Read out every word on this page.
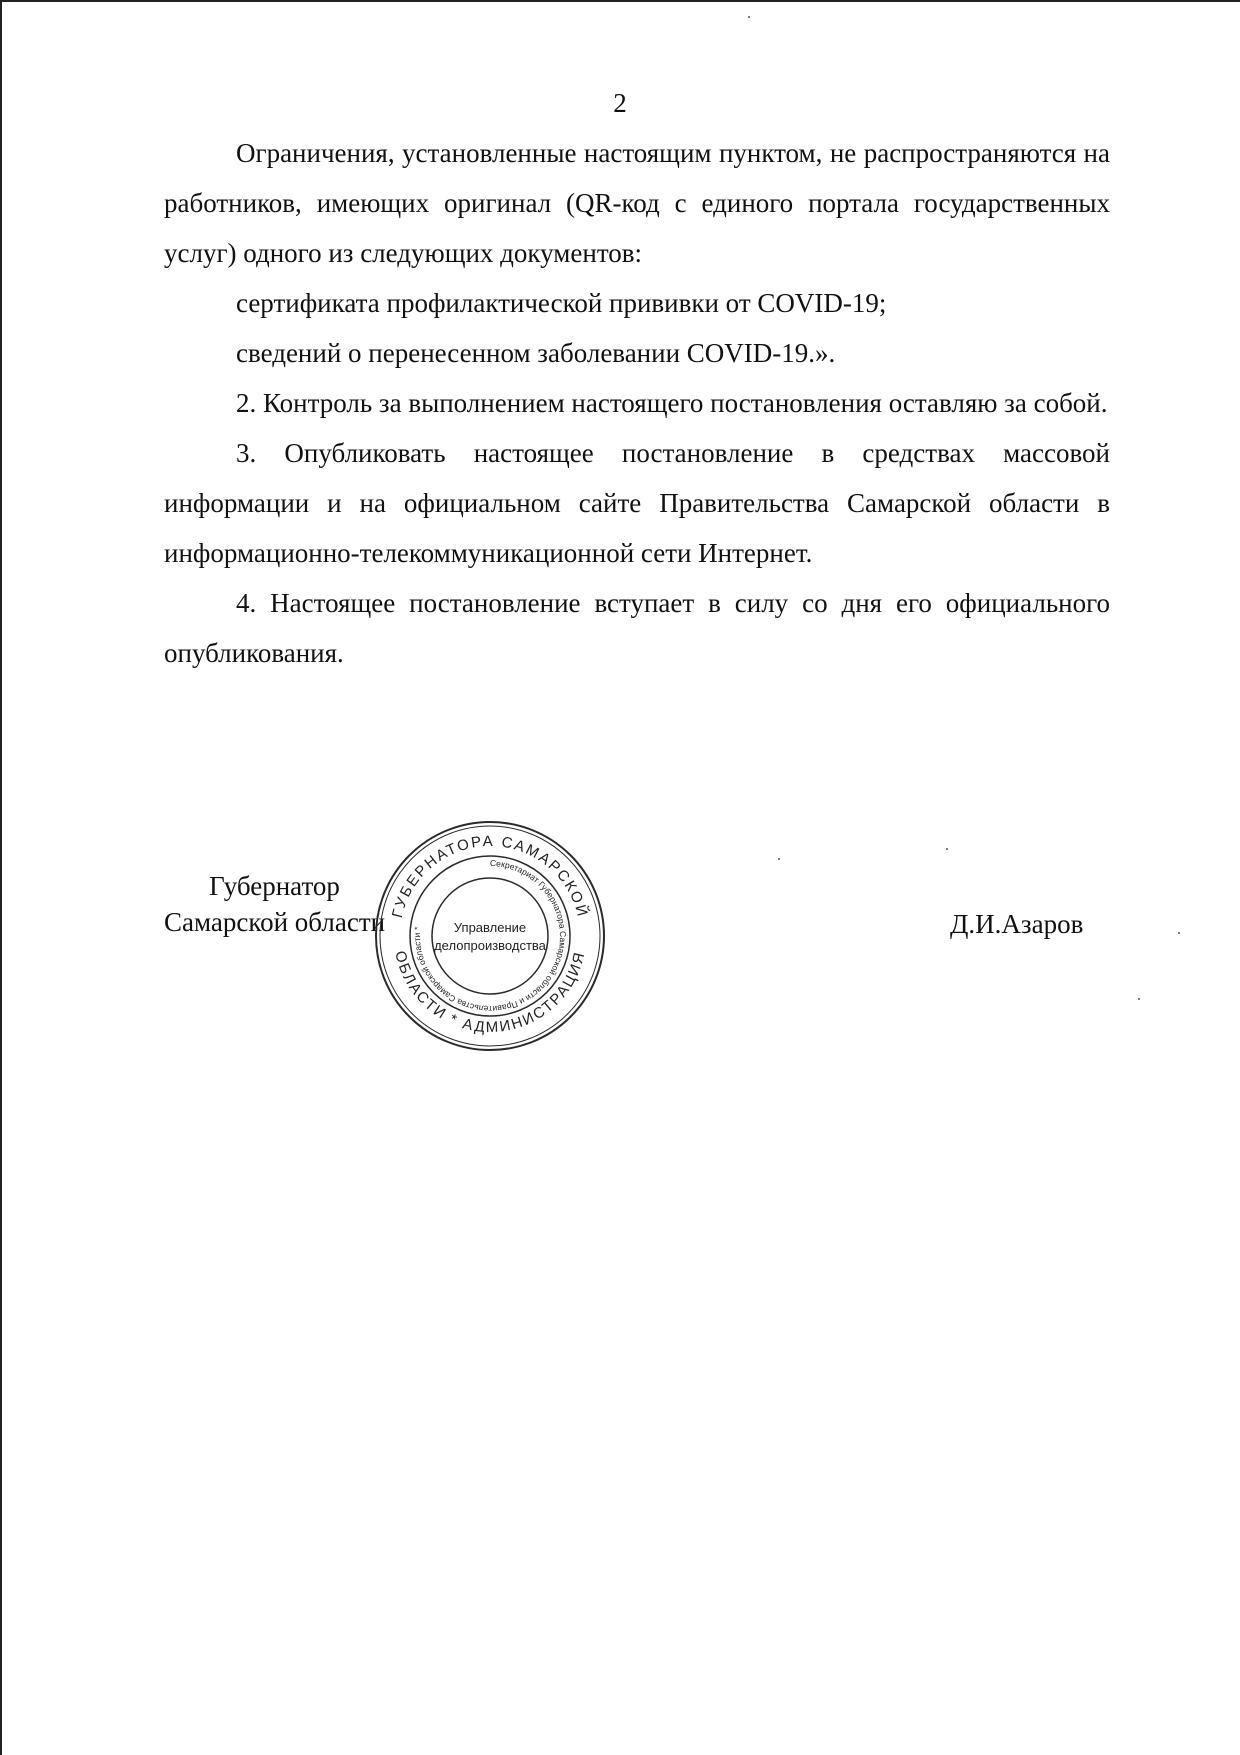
2

Ограничения, установленные настоящим пунктом, не распространяются на работников, имеющих оригинал (QR-код с единого портала государственных услуг) одного из следующих документов:

сертификата профилактической прививки от COVID-19;

сведений о перенесенном заболевании COVID-19.».

2. Контроль за выполнением настоящего постановления оставляю за собой.

3. Опубликовать настоящее постановление в средствах массовой информации и на официальном сайте Правительства Самарской области в информационно-телекоммуникационной сети Интернет.

4. Настоящее постановление вступает в силу со дня его официального опубликования.

Губернатор
Самарской области ГУБЕРНАТОРА САМАРСКОЙ
ОБЛАСТИ * АДМИНИСТРАЦИЯ
Секретариат Губернатора Самарской области и Правительства Самарской области *	Управление
делопроизводства
Д.И.Азаров
